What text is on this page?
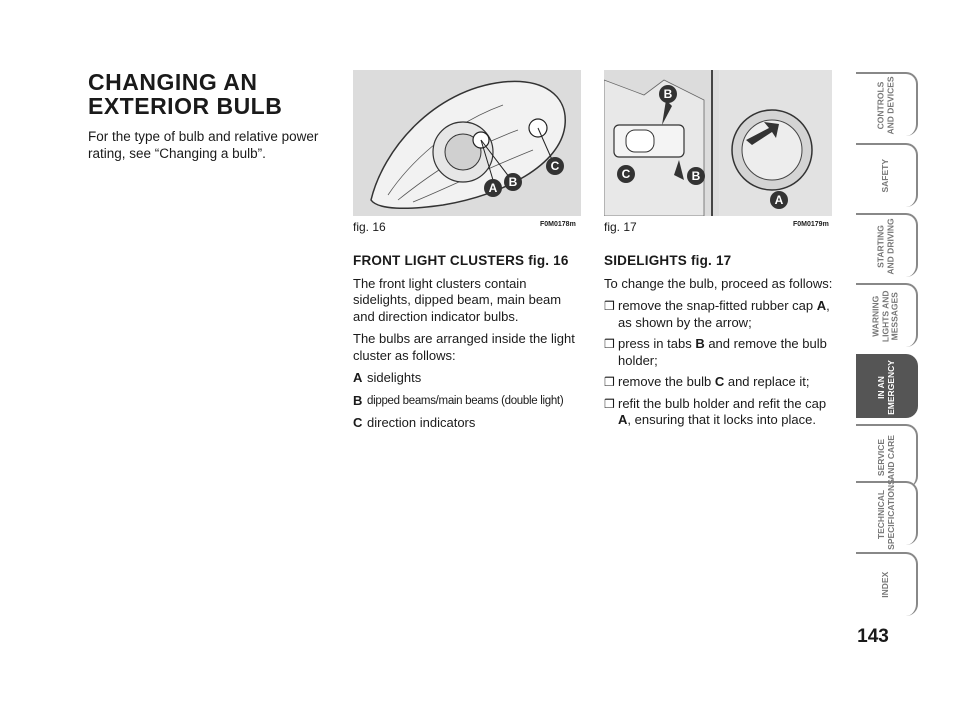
CHANGING AN
EXTERIOR BULB
For the type of bulb and relative power rating, see “Changing a bulb”.
A B
C
fig. 16	F0M0178m
B
C	B
A
fig. 17	F0M0179m
FRONT LIGHT CLUSTERS fig. 16

The front light clusters contain sidelights, dipped beam, main beam and direction indicator bulbs.

The bulbs are arranged inside the light cluster as follows:

A sidelights
B dipped beams/main beams (double light)
C direction indicators
SIDELIGHTS fig. 17

To change the bulb, proceed as follows:

❒ remove the snap-fitted rubber cap A, as shown by the arrow;
❒ press in tabs B and remove the bulb holder;
❒ remove the bulb C and replace it;
❒ refit the bulb holder and refit the cap A, ensuring that it locks into place.
CONTROLS AND DEVICES
SAFETY
STARTING AND DRIVING
WARNING LIGHTS AND MESSAGES
IN AN EMERGENCY
SERVICE AND CARE
TECHNICAL SPECIFICATIONS
INDEX
143
